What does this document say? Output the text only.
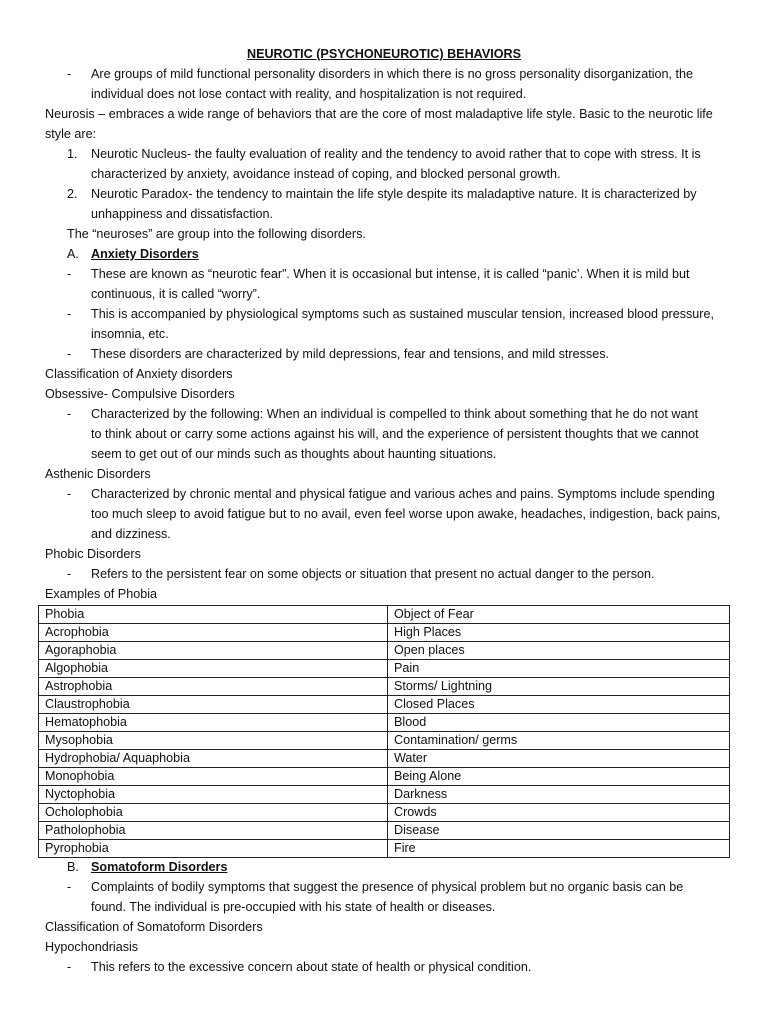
NEUROTIC (PSYCHONEUROTIC) BEHAVIORS
- Are groups of mild functional personality disorders in which there is no gross personality disorganization, the
individual does not lose contact with reality, and hospitalization is not required.
Neurosis – embraces a wide range of behaviors that are the core of most maladaptive life style. Basic to the neurotic life
style are:
1. Neurotic Nucleus- the faulty evaluation of reality and the tendency to avoid rather that to cope with stress. It is
characterized by anxiety, avoidance instead of coping, and blocked personal growth.
2. Neurotic Paradox- the tendency to maintain the life style despite its maladaptive nature. It is characterized by
unhappiness and dissatisfaction.
The “neuroses” are group into the following disorders.
A. Anxiety Disorders
- These are known as “neurotic fear”. When it is occasional but intense, it is called “panic’. When it is mild but
continuous, it is called “worry”.
- This is accompanied by physiological symptoms such as sustained muscular tension, increased blood pressure,
insomnia, etc.
- These disorders are characterized by mild depressions, fear and tensions, and mild stresses.
Classification of Anxiety disorders
Obsessive- Compulsive Disorders
- Characterized by the following: When an individual is compelled to think about something that he do not want
to think about or carry some actions against his will, and the experience of persistent thoughts that we cannot
seem to get out of our minds such as thoughts about haunting situations.
Asthenic Disorders
- Characterized by chronic mental and physical fatigue and various aches and pains. Symptoms include spending
too much sleep to avoid fatigue but to no avail, even feel worse upon awake, headaches, indigestion, back pains,
and dizziness.
Phobic Disorders
- Refers to the persistent fear on some objects or situation that present no actual danger to the person.
Examples of Phobia
Phobia	Object of Fear
Acrophobia	High Places
Agoraphobia	Open places
Algophobia	Pain
Astrophobia	Storms/ Lightning
Claustrophobia	Closed Places
Hematophobia	Blood
Mysophobia	Contamination/ germs
Hydrophobia/ Aquaphobia	Water
Monophobia	Being Alone
Nyctophobia	Darkness
Ocholophobia	Crowds
Patholophobia	Disease
Pyrophobia	Fire
B. Somatoform Disorders
- Complaints of bodily symptoms that suggest the presence of physical problem but no organic basis can be
found. The individual is pre-occupied with his state of health or diseases.
Classification of Somatoform Disorders
Hypochondriasis
- This refers to the excessive concern about state of health or physical condition.
